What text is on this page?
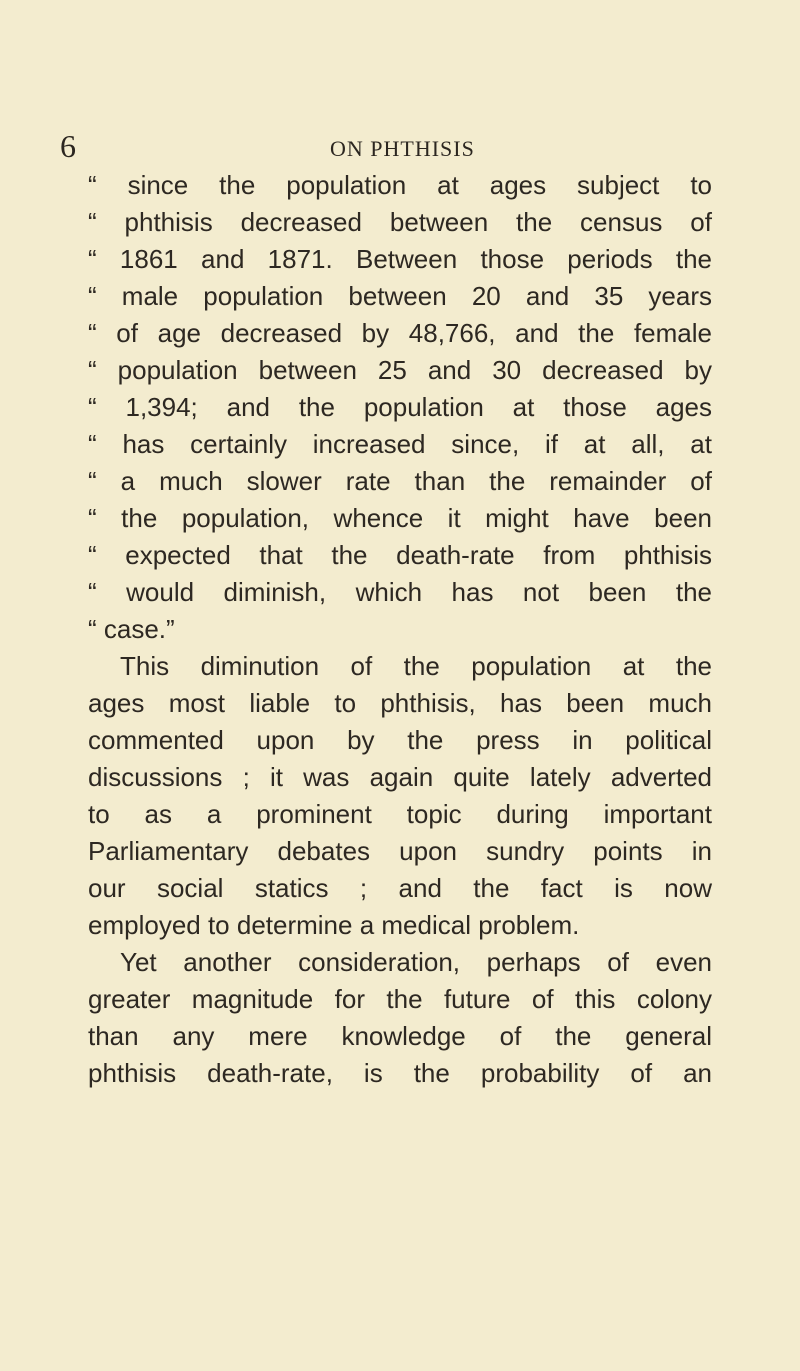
6	ON PHTHISIS
“ since the population at ages subject to
“ phthisis decreased between the census of
“ 1861 and 1871. Between those periods the
“ male population between 20 and 35 years
“ of age decreased by 48,766, and the female
“ population between 25 and 30 decreased by
“ 1,394; and the population at those ages
“ has certainly increased since, if at all, at
“ a much slower rate than the remainder of
“ the population, whence it might have been
“ expected that the death-rate from phthisis
“ would diminish, which has not been the
“ case.”
This diminution of the population at the
ages most liable to phthisis, has been much
commented upon by the press in political
discussions ; it was again quite lately adverted
to as a prominent topic during important
Parliamentary debates upon sundry points in
our social statics ; and the fact is now
employed to determine a medical problem.
Yet another consideration, perhaps of even
greater magnitude for the future of this colony
than any mere knowledge of the general
phthisis death-rate, is the probability of an
